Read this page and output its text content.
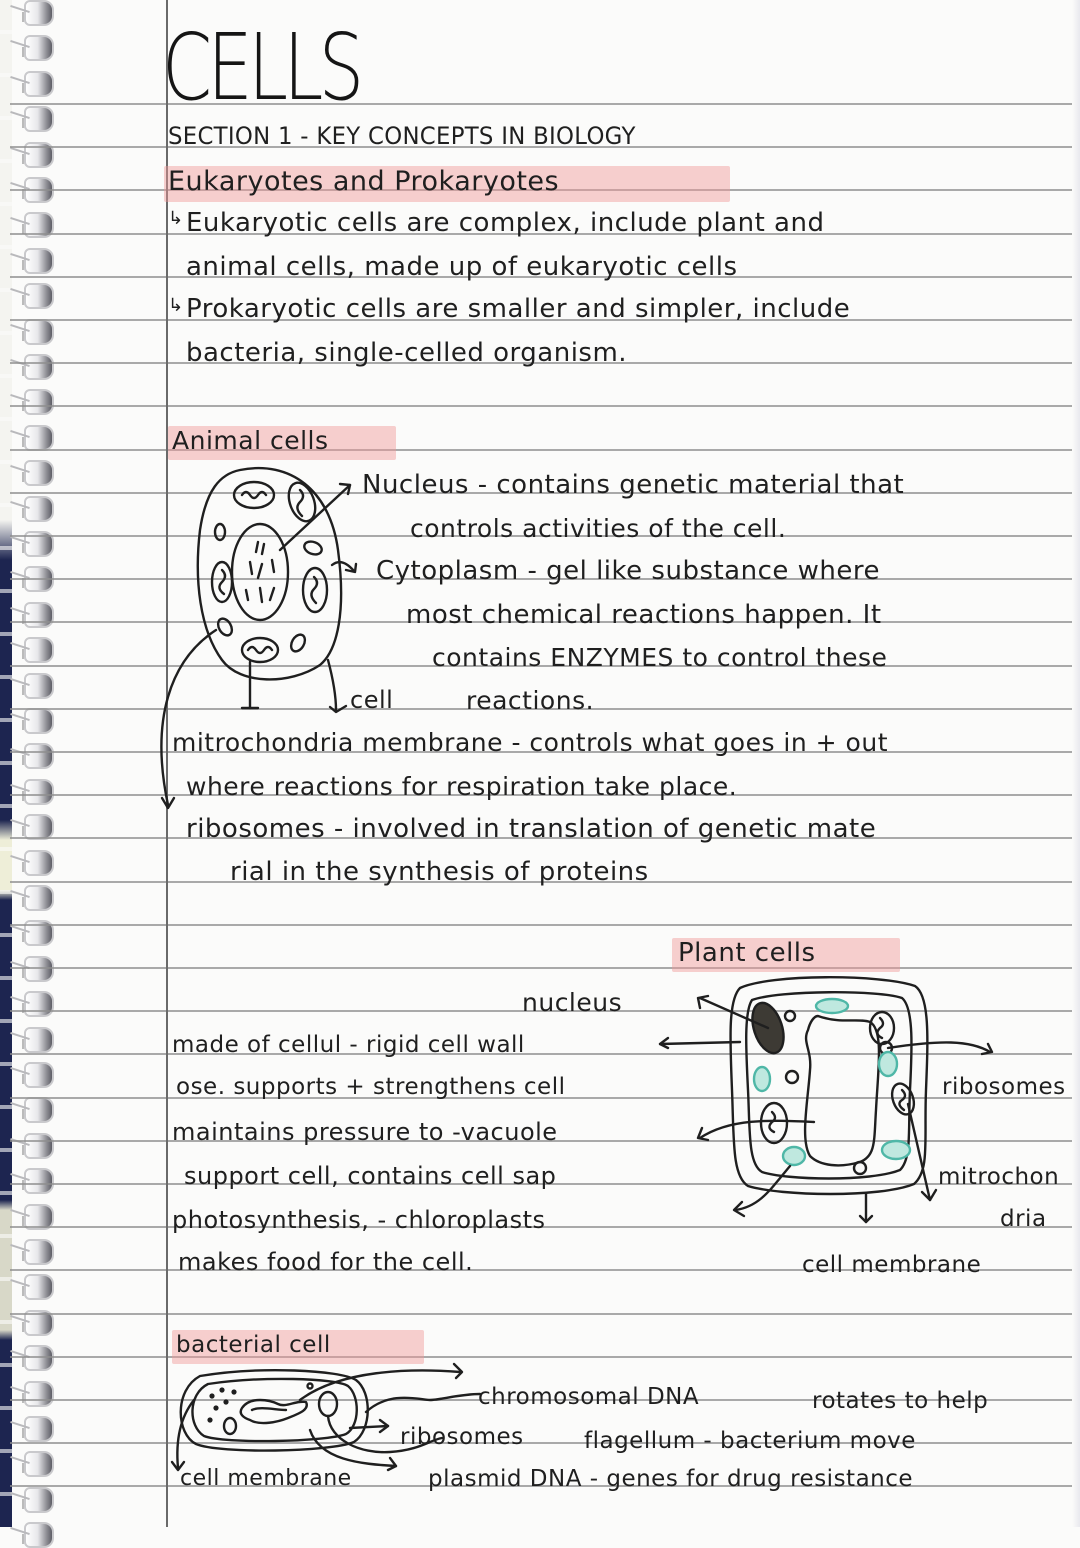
CELLS
SECTION 1 - KEY CONCEPTS IN BIOLOGY
Eukaryotes and Prokaryotes
↳ Eukaryotic cells are complex, include plant and
animal cells, made up of eukaryotic cells
↳ Prokaryotic cells are smaller and simpler, include
bacteria, single-celled organism.
Animal cells
Nucleus - contains genetic material that
controls activities of the cell.
Cytoplasm - gel like substance where
most chemical reactions happen. It
contains ENZYMES to control these
reactions.
cell
mitrochondria membrane - controls what goes in + out
where reactions for respiration take place.
ribosomes - involved in translation of genetic mate
rial in the synthesis of proteins
Plant cells
nucleus
made of cellul - rigid cell wall
ose. supports + strengthens cell
maintains pressure to -vacuole
support cell, contains cell sap
photosynthesis, - chloroplasts
makes food for the cell.
ribosomes
mitrochon
dria
cell membrane
bacterial cell
chromosomal DNA	rotates to help
ribosomes	flagellum - bacterium move
cell membrane	plasmid DNA - genes for drug resistance
